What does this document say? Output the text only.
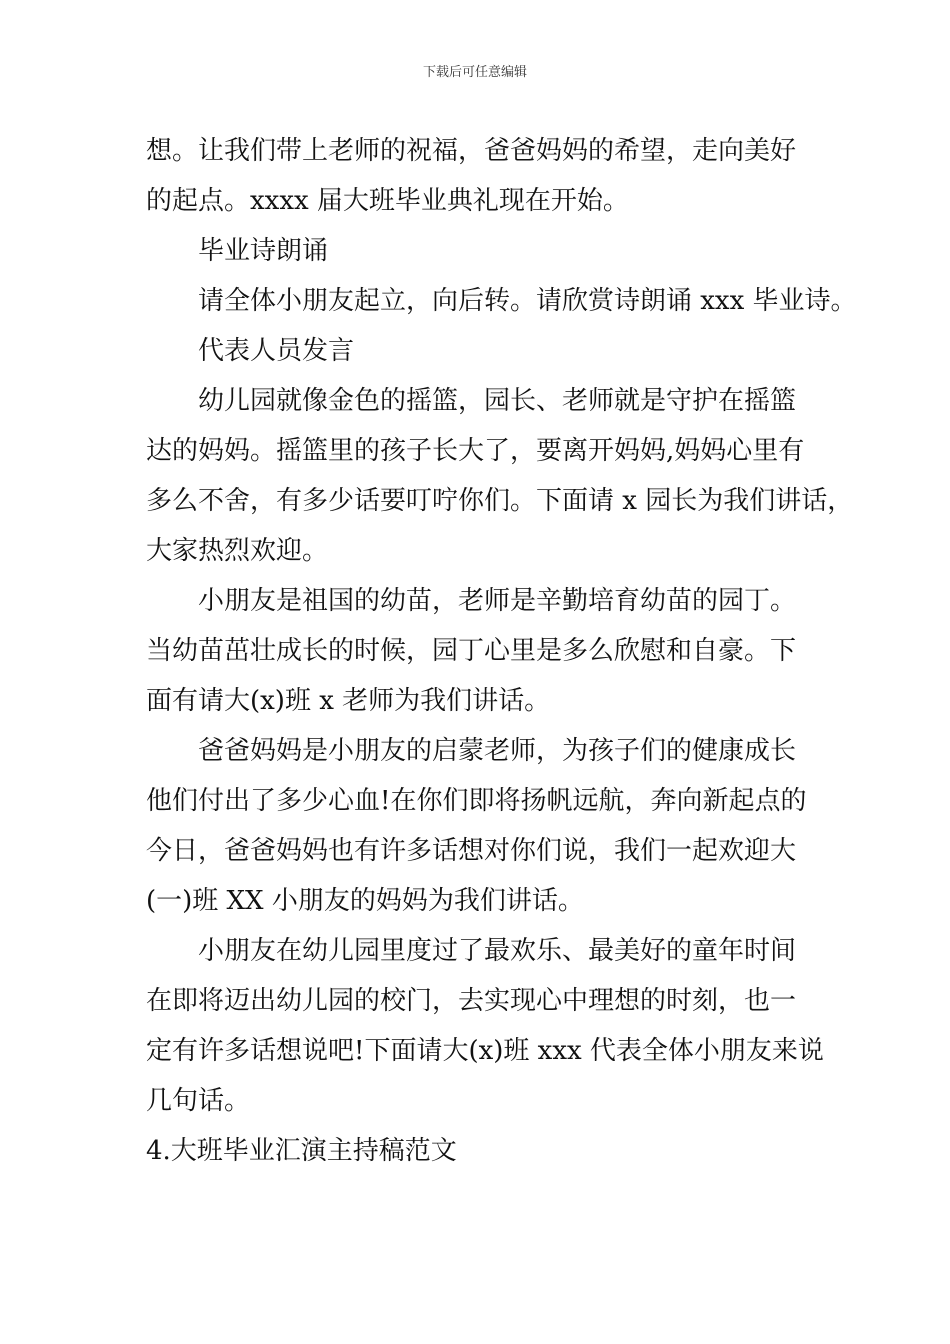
下载后可任意编辑
想。让我们带上老师的祝福，爸爸妈妈的希望，走向美好
的起点。xxxx 届大班毕业典礼现在开始。
毕业诗朗诵
请全体小朋友起立，向后转。请欣赏诗朗诵 xxx 毕业诗。
代表人员发言
幼儿园就像金色的摇篮，园长、老师就是守护在摇篮
达的妈妈。摇篮里的孩子长大了，要离开妈妈,妈妈心里有
多么不舍，有多少话要叮咛你们。下面请 x 园长为我们讲话，
大家热烈欢迎。
小朋友是祖国的幼苗，老师是辛勤培育幼苗的园丁。
当幼苗茁壮成长的时候，园丁心里是多么欣慰和自豪。下
面有请大(x)班 x 老师为我们讲话。
爸爸妈妈是小朋友的启蒙老师，为孩子们的健康成长
他们付出了多少心血!在你们即将扬帆远航，奔向新起点的
今日，爸爸妈妈也有许多话想对你们说，我们一起欢迎大
(一)班 XX 小朋友的妈妈为我们讲话。
小朋友在幼儿园里度过了最欢乐、最美好的童年时间
在即将迈出幼儿园的校门，去实现心中理想的时刻，也一
定有许多话想说吧!下面请大(x)班 xxx 代表全体小朋友来说
几句话。
4.大班毕业汇演主持稿范文
